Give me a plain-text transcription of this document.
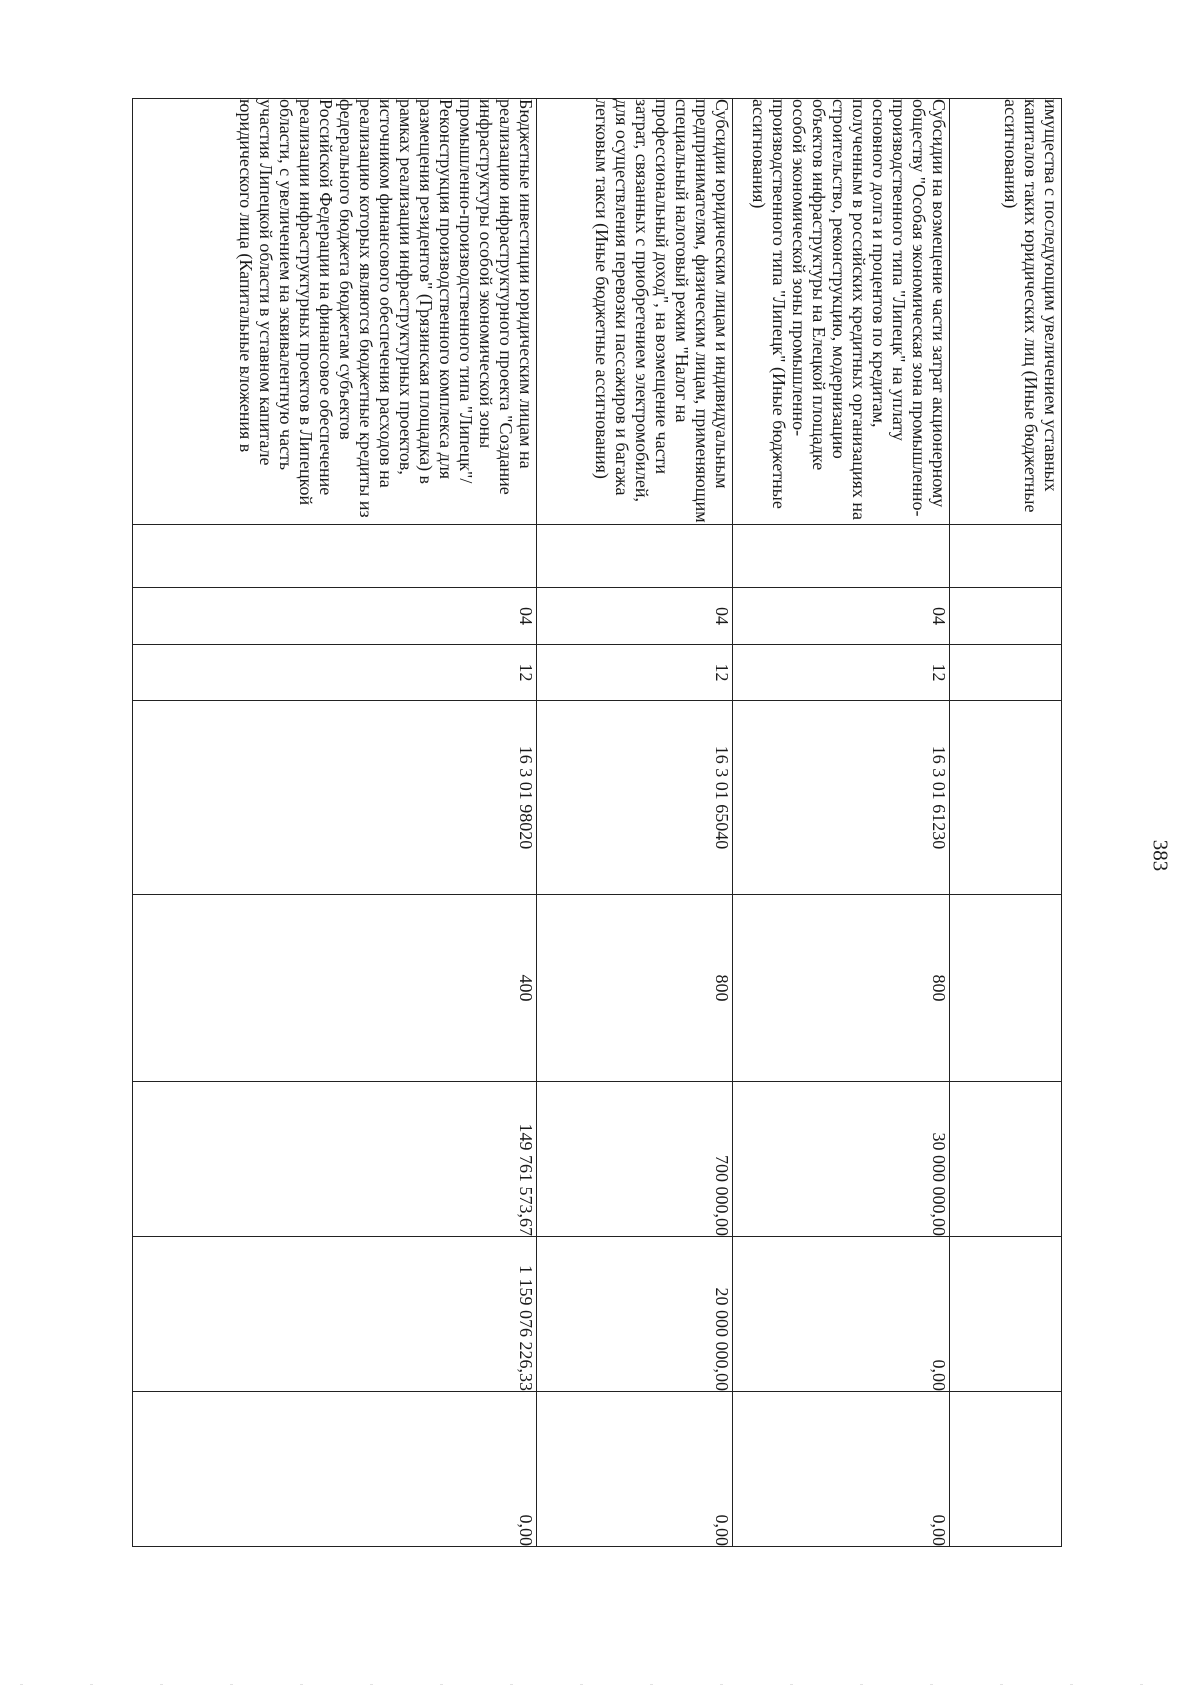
383
имущества с последующим увеличением уставных капиталов таких юридических лиц (Иные бюджетные ассигнования)								
Субсидии на возмещение части затрат акционерному обществу "Особая экономическая зона промышленно-производственного типа "Липецк" на уплату основного долга и процентов по кредитам, полученным в российских кредитных организациях на строительство, реконструкцию, модернизацию объектов инфраструктуры на Елецкой площадке особой экономической зоны промышленно-производственного типа "Липецк" (Иные бюджетные ассигнования)		04	12	16 3 01 61230	800	30 000 000,00	0,00	0,00
Субсидии юридическим лицам и индивидуальным предпринимателям, физическим лицам, применяющим специальный налоговый режим "Налог на профессиональный доход", на возмещение части затрат, связанных с приобретением электромобилей, для осуществления перевозки пассажиров и багажа легковым такси (Иные бюджетные ассигнования)		04	12	16 3 01 65040	800	700 000,00	20 000 000,00	0,00
Бюджетные инвестиции юридическим лицам на реализацию инфраструктурного проекта "Создание инфраструктуры особой экономической зоны промышленно-производственного типа "Липецк"/Реконструкция производственного комплекса для размещения резидентов" (Грязинская площадка) в рамках реализации инфраструктурных проектов, источником финансового обеспечения расходов на реализацию которых являются бюджетные кредиты из федерального бюджета бюджетам субъектов Российской Федерации на финансовое обеспечение реализации инфраструктурных проектов в Липецкой области, с увеличением на эквивалентную часть участия Липецкой области в уставном капитале юридического лица (Капитальные вложения в		04	12	16 3 01 98020	400	149 761 573,67	1 159 076 226,33	0,00
